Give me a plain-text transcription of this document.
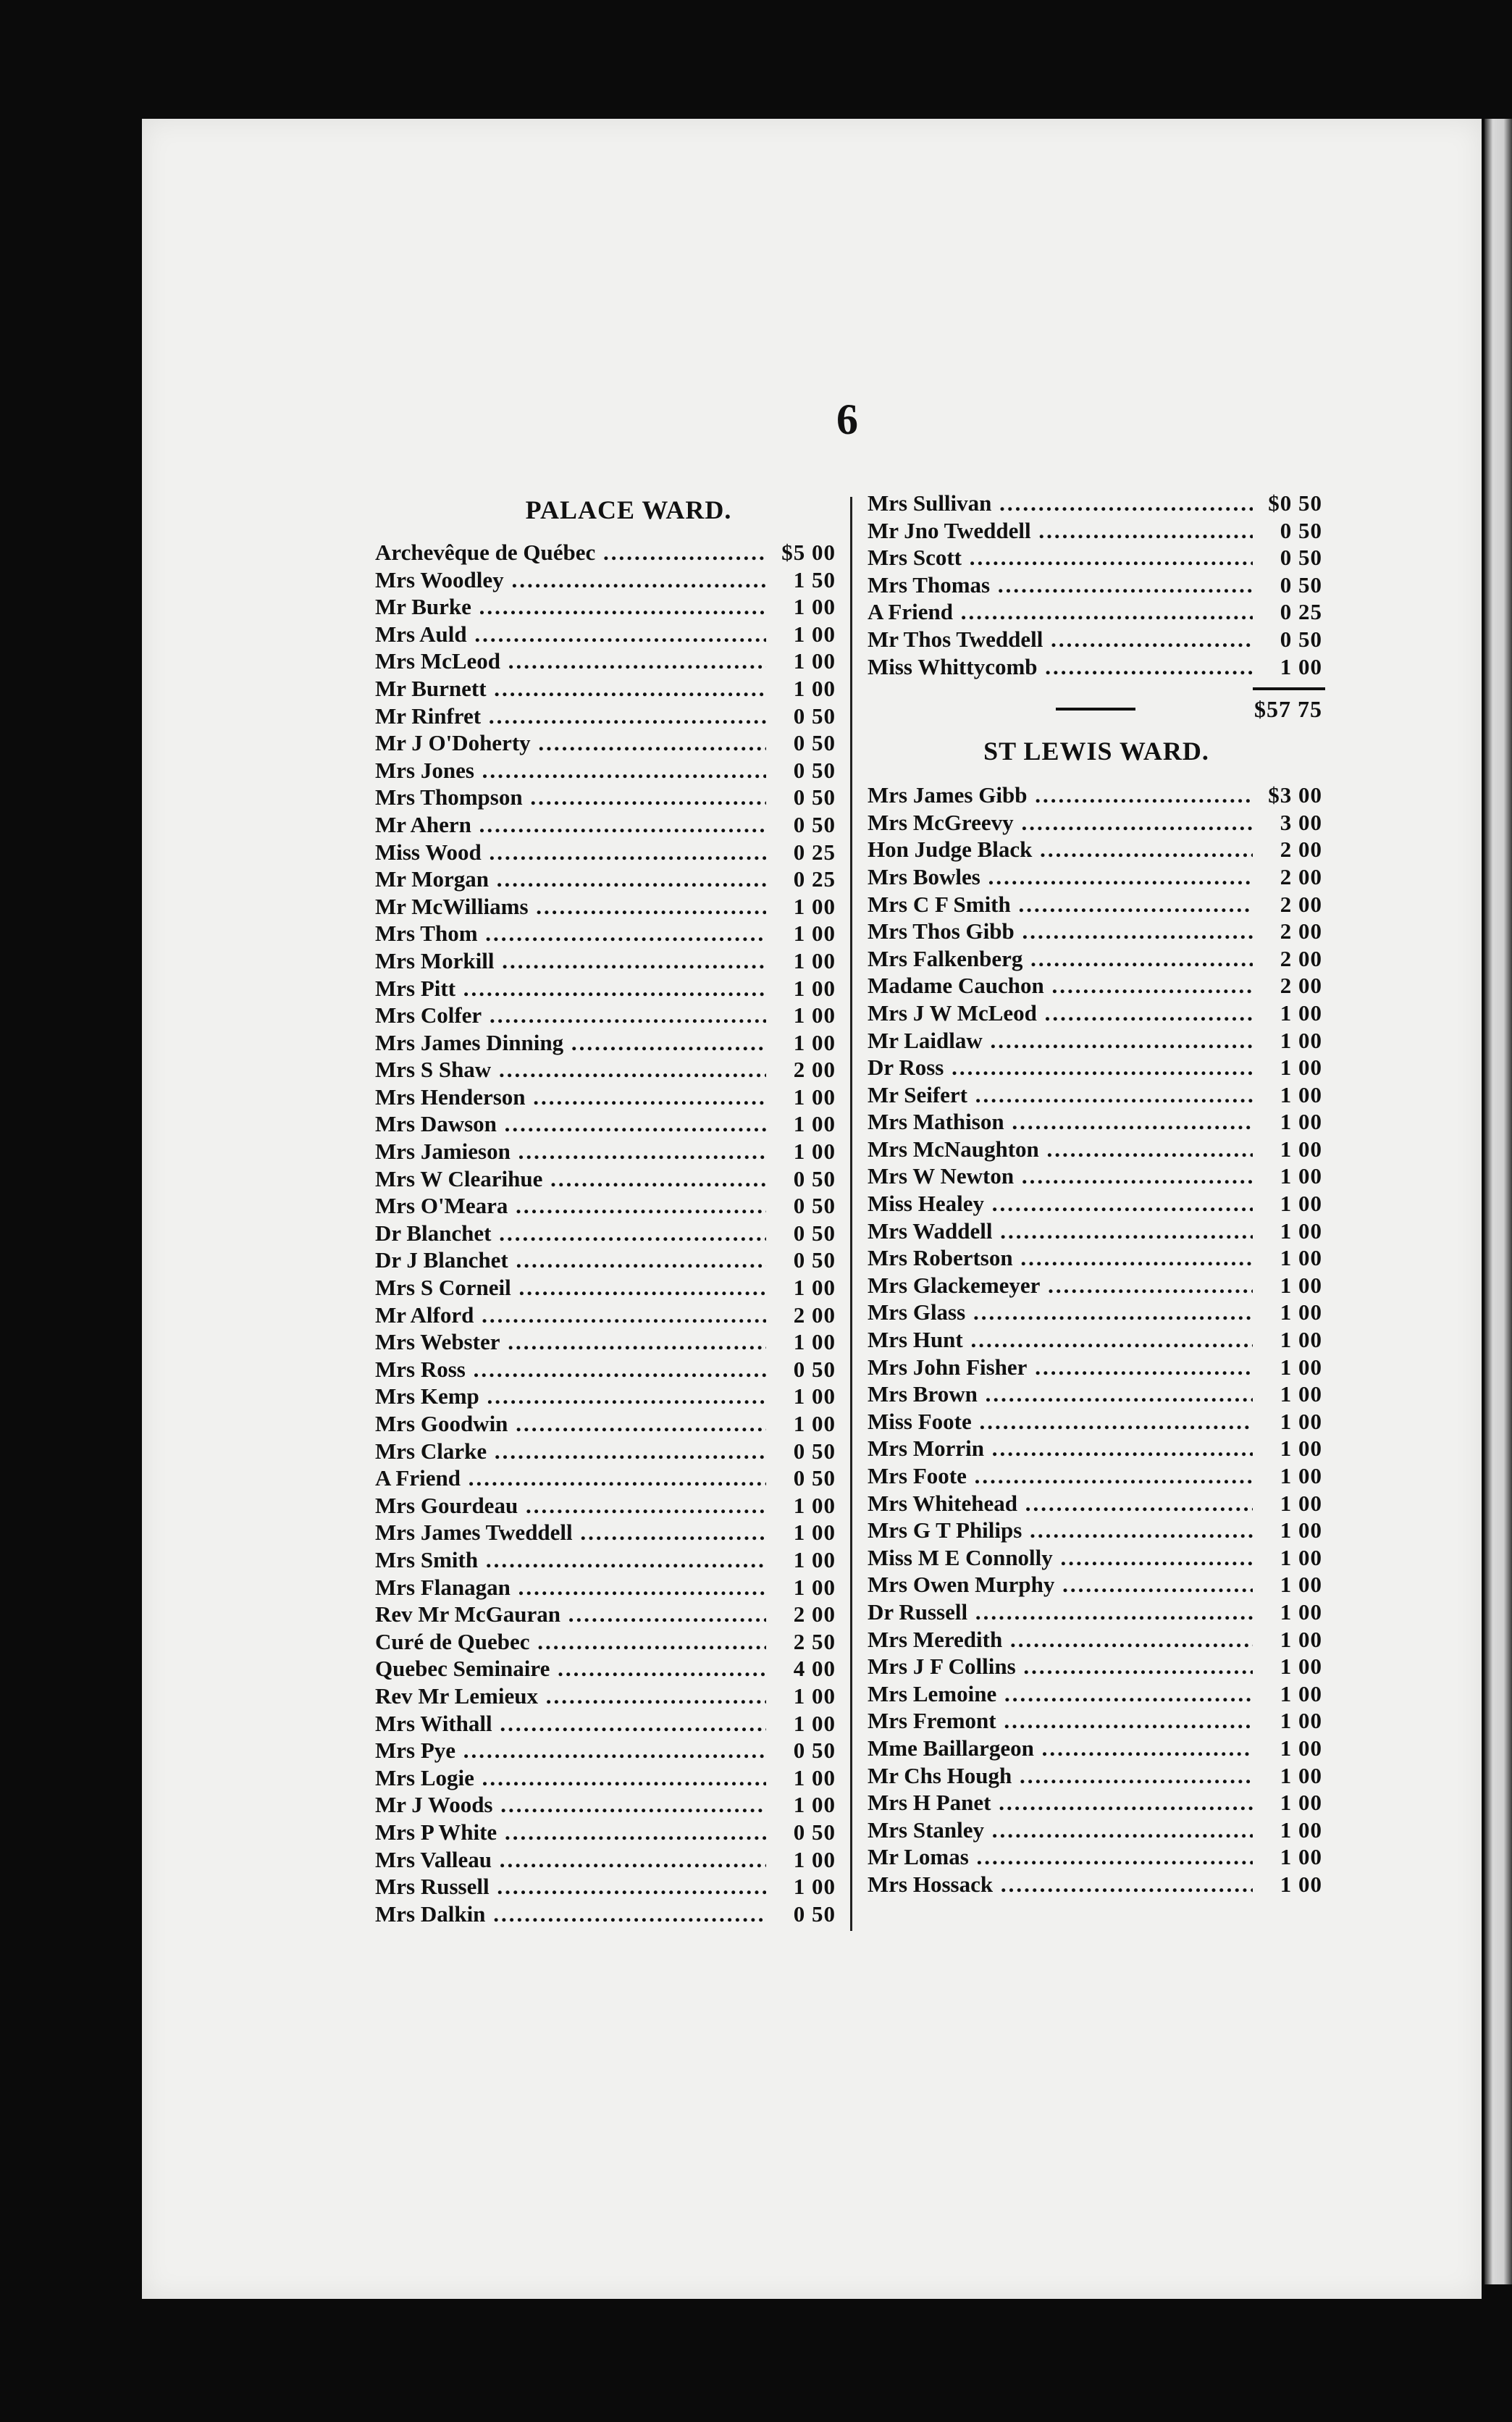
6
PALACE WARD.
Archevêque de Québec .....	$5 00
Mrs Woodley .....	1 50
Mr Burke .....	1 00
Mrs Auld .....	1 00
Mrs McLeod .....	1 00
Mr Burnett .....	1 00
Mr Rinfret .....	0 50
Mr J O'Doherty .....	0 50
Mrs Jones .....	0 50
Mrs Thompson .....	0 50
Mr Ahern .....	0 50
Miss Wood .....	0 25
Mr Morgan .....	0 25
Mr McWilliams .....	1 00
Mrs Thom .....	1 00
Mrs Morkill .....	1 00
Mrs Pitt .....	1 00
Mrs Colfer .....	1 00
Mrs James Dinning .....	1 00
Mrs S Shaw .....	2 00
Mrs Henderson .....	1 00
Mrs Dawson .....	1 00
Mrs Jamieson .....	1 00
Mrs W Clearihue .....	0 50
Mrs O'Meara .....	0 50
Dr Blanchet .....	0 50
Dr J Blanchet .....	0 50
Mrs S Corneil .....	1 00
Mr Alford .....	2 00
Mrs Webster .....	1 00
Mrs Ross .....	0 50
Mrs Kemp .....	1 00
Mrs Goodwin .....	1 00
Mrs Clarke .....	0 50
A Friend .....	0 50
Mrs Gourdeau .....	1 00
Mrs James Tweddell .....	1 00
Mrs Smith .....	1 00
Mrs Flanagan .....	1 00
Rev Mr McGauran .....	2 00
Curé de Quebec .....	2 50
Quebec Seminaire .....	4 00
Rev Mr Lemieux .....	1 00
Mrs Withall .....	1 00
Mrs Pye .....	0 50
Mrs Logie .....	1 00
Mr J Woods .....	1 00
Mrs P White .....	0 50
Mrs Valleau .....	1 00
Mrs Russell .....	1 00
Mrs Dalkin .....	0 50
Mrs Sullivan .....	$0 50
Mr Jno Tweddell .....	0 50
Mrs Scott .....	0 50
Mrs Thomas .....	0 50
A Friend .....	0 25
Mr Thos Tweddell .....	0 50
Miss Whittycomb .....	1 00
$57 75
ST LEWIS WARD.
Mrs James Gibb .....	$3 00
Mrs McGreevy .....	3 00
Hon Judge Black .....	2 00
Mrs Bowles .....	2 00
Mrs C F Smith .....	2 00
Mrs Thos Gibb .....	2 00
Mrs Falkenberg .....	2 00
Madame Cauchon .....	2 00
Mrs J W McLeod .....	1 00
Mr Laidlaw .....	1 00
Dr Ross .....	1 00
Mr Seifert .....	1 00
Mrs Mathison .....	1 00
Mrs McNaughton .....	1 00
Mrs W Newton .....	1 00
Miss Healey .....	1 00
Mrs Waddell .....	1 00
Mrs Robertson .....	1 00
Mrs Glackemeyer .....	1 00
Mrs Glass .....	1 00
Mrs Hunt .....	1 00
Mrs John Fisher .....	1 00
Mrs Brown .....	1 00
Miss Foote .....	1 00
Mrs Morrin .....	1 00
Mrs Foote .....	1 00
Mrs Whitehead .....	1 00
Mrs G T Philips .....	1 00
Miss M E Connolly .....	1 00
Mrs Owen Murphy .....	1 00
Dr Russell .....	1 00
Mrs Meredith .....	1 00
Mrs J F Collins .....	1 00
Mrs Lemoine .....	1 00
Mrs Fremont .....	1 00
Mme Baillargeon .....	1 00
Mr Chs Hough .....	1 00
Mrs H Panet .....	1 00
Mrs Stanley .....	1 00
Mr Lomas .....	1 00
Mrs Hossack .....	1 00
